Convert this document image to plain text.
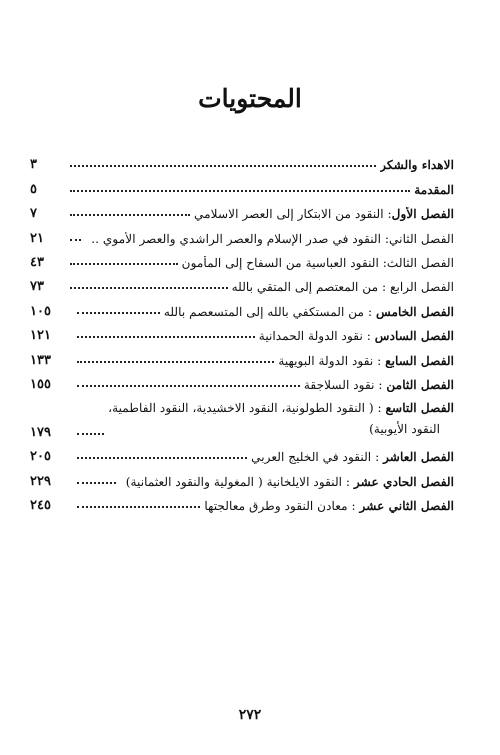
المحتويات
الاهداء والشكر
٣
المقدمة
٥
الفصل الأول: النقود من الابتكار إلى العصر الاسلامي
٧
الفصل الثاني: النقود في صدر الإسلام والعصر الراشدي والعصر الأموي ..
٢١
الفصل الثالث: النقود العباسية من السفاح إلى المأمون
٤٣
الفصل الرابع : من المعتصم إلى المتقي بالله
٧٣
الفصل الخامس : من المستكفي بالله إلى المتسعصم بالله
١٠٥
الفصل السادس : نقود الدولة الحمدانية
١٢١
الفصل السابع : نقود الدولة البويهية
١٣٣
الفصل الثامن : نقود السلاجقة
١٥٥
الفصل التاسع : ( النقود الطولونية، النقود الاخشيدية، النقود الفاطمية،
النقود الأيوبية)
١٧٩
الفصل العاشر : النقود في الخليج العربي
٢٠٥
الفصل الحادي عشر : النقود الايلخانية ( المغولية والنقود العثمانية)
٢٢٩
الفصل الثاني عشر : معادن النقود وطرق معالجتها
٢٤٥
٢٧٢
